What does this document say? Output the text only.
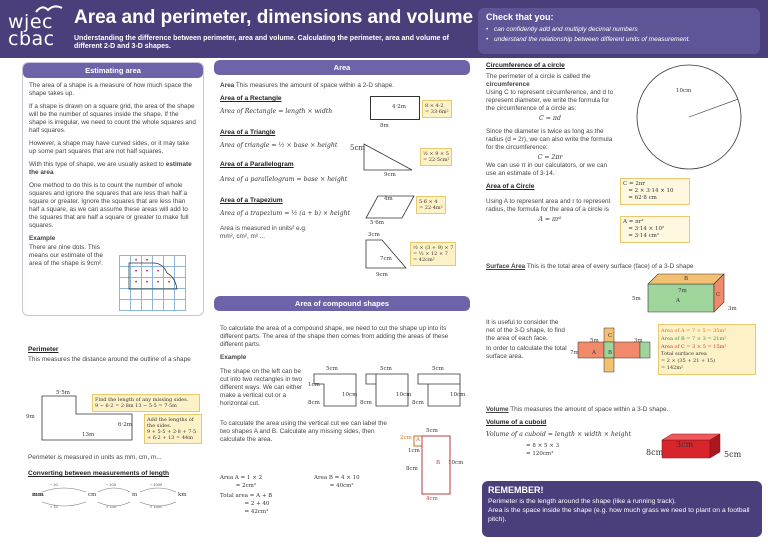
wjec
cbac
Area and perimeter, dimensions and volume
Understanding the difference between perimeter, area and volume. Calculating the perimeter, area and volume of different 2-D and 3-D shapes.
Check that you:
• can confidently add and multiply decimal numbers
• understand the relationship between different units of measurement.
Estimating area

The area of a shape is a measure of how much space the shape takes up.

If a shape is drawn on a square grid, the area of the shape will be the number of squares inside the shape. If the shape is irregular, we need to count the whole squares and half squares.

However, a shape may have curved sides, or it may take up some part squares that are not half squares.

With this type of shape, we are usually asked to estimate the area

One method to do this is to count the number of whole squares and ignore the squares that are less than half a square or greater. Ignore the squares that are less than half a square, as we can assume these areas will add to the squares that are half a square or greater to make full squares.

Example

There are nine dots. This means our estimate of the area of the shape is 9cm².	•	•
•	•	•
•	•	•	•
Perimeter

This measures the distance around the outline of a shape

5·5m
9m
6·2m
13m
Find the length of any missing sides.
9 − 6·2 = 2·8m 13 − 5·5 = 7·5m
Add the lengths of the sides.
9 + 5·5 + 2·8 + 7·5 + 6·2 + 13 = 44m

Perimeter is measured in units as mm, cm, m...

Converting between measurements of length
mm	cm	m	km
÷ 10	÷ 100	÷ 1000
× 10	× 100	× 1000
Area

Area This measures the amount of space within a 2-D shape.

Area of a Rectangle
Area of Rectangle = length × width
Area of a Triangle
Area of triangle = ½ × base × height
Area of a Parallelogram
Area of a parallelogram = base × height
Area of a Trapezium
Area of a trapezium = ½ (a + b) × height

Area is measured in units² e.g. mm², cm², m² ...

4·2m
8m
8 × 4·2
= 33·6m²
5cm
9cm
½ × 9 × 5
= 22·5cm²
4m
5·6m
5·6 × 4
= 22·4m²
3cm
7cm
9cm
½ × (3 + 9) × 7
= ½ × 12 × 7
= 42cm²
Area of compound shapes

To calculate the area of a compound shape, we need to cut the shape up into its different parts. The area of the shape then comes from adding the areas of these different parts.

Example

The shape on the left can be cut into two rectangles in two different ways. We can either make a vertical cut or a horizontal cut.

To calculate the area using the vertical cut we can label the two shapes A and B. Calculate any missing sides, then calculate the area.

5cm
1cm
8cm
10cm
5cm
10cm
8cm
5cm
10cm
8cm
5cm
2cm
1cm
8cm
10cm
4cm
A
B
Area A = 1 × 2
= 2cm²
Area B = 4 × 10
= 40cm²
Total area = A + B
= 2 + 40
= 42cm²
Circumference of a circle

The perimeter of a circle is called the circumference

Using C to represent circumference, and d to represent diameter, we write the formula for the circumference of a circle as:

C = πd

Since the diameter is twice as long as the radius (d = 2r), we can also write the formula for the circumference:

C = 2πr

We can use π in our calculators, or we can use an estimate of 3·14.

Area of a Circle

Using A to represent area and r to represent radius, the formula for the area of a circle is

A = πr²
10cm
C = 2πr
= 2 × 3·14 × 10
= 62·8 cm
A = πr²
= 3·14 × 10²
= 3·14 cm²

Surface Area This is the total area of every surface (face) of a 3-D shape

It is useful to consider the net of the 3-D shape, to find the area of each face.

In order to calculate the total surface area.

7m
5m
3m
A
B
C
A B
C
5m
7m
3m
Area of A = 7 × 5 = 35m²
Area of B = 7 × 3 = 21m²
Area of C = 3 × 5 = 15m²
Total surface area
= 2 × (35 + 21 + 15)
= 142m²

Volume This measures the amount of space within a 3-D shape.

Volume of a cuboid
Volume of a cuboid = length × width × height
= 8 × 5 × 3
= 120cm³	8cm
3cm
5cm
REMEMBER!
Perimeter is the length around the shape (like a running track).
Area is the space inside the shape (e.g. how much grass we need to plant on a football pitch).
